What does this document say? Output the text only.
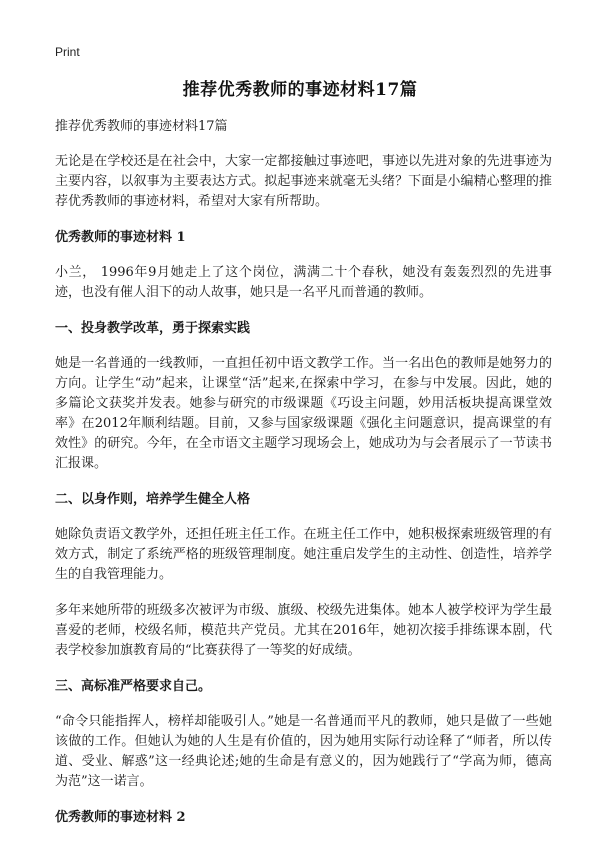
Print
推荐优秀教师的事迹材料17篇

推荐优秀教师的事迹材料17篇

无论是在学校还是在社会中，大家一定都接触过事迹吧，事迹以先进对象的先进事迹为主要内容，以叙事为主要表达方式。拟起事迹来就毫无头绪？下面是小编精心整理的推荐优秀教师的事迹材料，希望对大家有所帮助。

优秀教师的事迹材料 1

小兰， 1996年9月她走上了这个岗位，满满二十个春秋，她没有轰轰烈烈的先进事迹，也没有催人泪下的动人故事，她只是一名平凡而普通的教师。

一、投身教学改革，勇于探索实践

她是一名普通的一线教师，一直担任初中语文教学工作。当一名出色的教师是她努力的方向。让学生“动”起来，让课堂“活”起来,在探索中学习，在参与中发展。因此，她的多篇论文获奖并发表。她参与研究的市级课题《巧设主问题，妙用活板块提高课堂效率》在2012年顺利结题。目前，又参与国家级课题《强化主问题意识，提高课堂的有效性》的研究。今年，在全市语文主题学习现场会上，她成功为与会者展示了一节读书汇报课。

二、以身作则，培养学生健全人格

她除负责语文教学外，还担任班主任工作。在班主任工作中，她积极探索班级管理的有效方式，制定了系统严格的班级管理制度。她注重启发学生的主动性、创造性，培养学生的自我管理能力。

多年来她所带的班级多次被评为市级、旗级、校级先进集体。她本人被学校评为学生最喜爱的老师，校级名师，模范共产党员。尤其在2016年，她初次接手排练课本剧，代表学校参加旗教育局的“比赛获得了一等奖的好成绩。

三、高标准严格要求自己。

“命令只能指挥人，榜样却能吸引人。”她是一名普通而平凡的教师，她只是做了一些她该做的工作。但她认为她的人生是有价值的，因为她用实际行动诠释了“师者，所以传道、受业、解惑”这一经典论述;她的生命是有意义的，因为她践行了“学高为师，德高为范”这一诺言。

优秀教师的事迹材料 2
